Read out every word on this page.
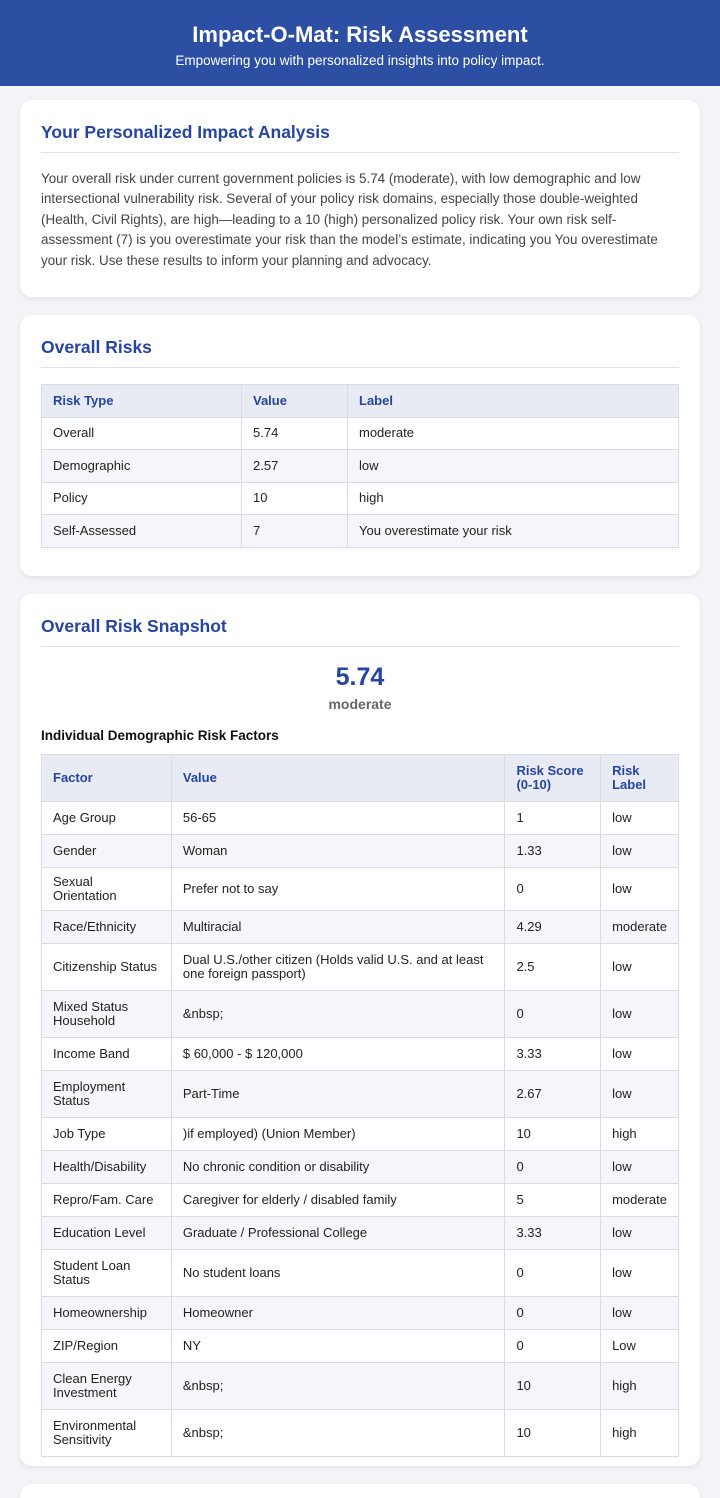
Impact-O-Mat: Risk Assessment

Empowering you with personalized insights into policy impact.

Your Personalized Impact Analysis

Your overall risk under current government policies is 5.74 (moderate), with low demographic and low intersectional vulnerability risk. Several of your policy risk domains, especially those double-weighted (Health, Civil Rights), are high—leading to a 10 (high) personalized policy risk. Your own risk self-assessment (7) is you overestimate your risk than the model’s estimate, indicating you You overestimate your risk. Use these results to inform your planning and advocacy.

Overall Risks
Risk Type	Value	Label
Overall	5.74	moderate
Demographic	2.57	low
Policy	10	high
Self-Assessed	7	You overestimate your risk
Overall Risk Snapshot
5.74
moderate
Individual Demographic Risk Factors
Factor	Value	Risk Score (0-10)	Risk Label
Age Group	56-65	1	low
Gender	Woman	1.33	low
Sexual Orientation	Prefer not to say	0	low
Race/Ethnicity	Multiracial	4.29	moderate
Citizenship Status	Dual U.S./other citizen (Holds valid U.S. and at least one foreign passport)	2.5	low
Mixed Status Household	&nbsp;	0	low
Income Band	$ 60,000 - $ 120,000	3.33	low
Employment Status	Part-Time	2.67	low
Job Type	)if employed) (Union Member)	10	high
Health/Disability	No chronic condition or disability	0	low
Repro/Fam. Care	Caregiver for elderly / disabled family	5	moderate
Education Level	Graduate / Professional College	3.33	low
Student Loan Status	No student loans	0	low
Homeownership	Homeowner	0	low
ZIP/Region	NY	0	Low
Clean Energy Investment	&nbsp;	10	high
Environmental Sensitivity	&nbsp;	10	high
